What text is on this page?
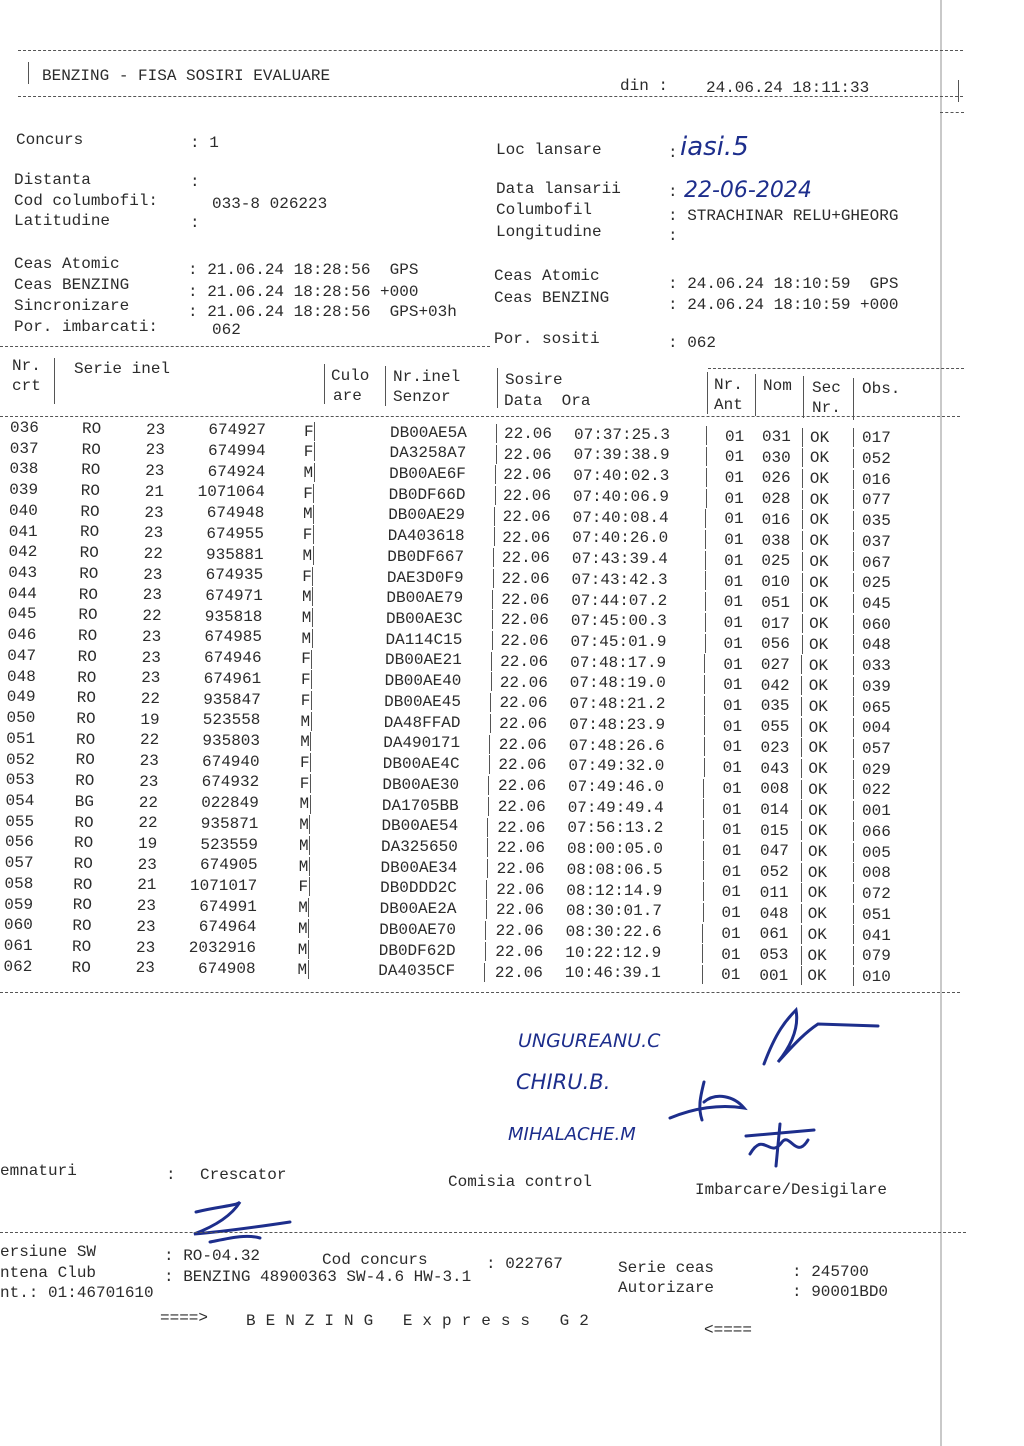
BENZING - FISA SOSIRI EVALUARE
din : 24.06.24 18:11:33
Concurs	: 1
Distanta	:
Cod columbofil:	033-8 026223
Latitudine	:
Loc lansare	: iasi.5
Data lansarii	: 22-06-2024
Columbofil	: STRACHINAR RELU+GHEORG
Longitudine	:
Ceas Atomic	: 21.06.24 18:28:56  GPS
Ceas BENZING	: 21.06.24 18:28:56 +000
Sincronizare	: 21.06.24 18:28:56  GPS+03h
Por. imbarcati:	062
Ceas Atomic	: 24.06.24 18:10:59  GPS
Ceas BENZING	: 24.06.24 18:10:59 +000
Por. sositi	: 062
Nr.
crt
Serie inel	Culo
are
Nr.inel
Senzor
Sosire
Data  Ora
Nr.
Ant
Nom Sec
Nr.
Obs.
036	RO	23	674927 F	DB00AE5A 22.06 07:37:25.3	01 031 OK 017
037	RO	23	674994 F	DA3258A7 22.06 07:39:38.9	01 030 OK 052
038	RO	23	674924 M	DB00AE6F 22.06 07:40:02.3	01 026 OK 016
039	RO	21	1071064 F	DB0DF66D 22.06 07:40:06.9	01 028 OK 077
040	RO	23	674948 M	DB00AE29 22.06 07:40:08.4	01 016 OK 035
041	RO	23	674955 F	DA403618 22.06 07:40:26.0	01 038 OK 037
042	RO	22	935881 M	DB0DF667 22.06 07:43:39.4	01 025 OK 067
043	RO	23	674935 F	DAE3D0F9 22.06 07:43:42.3	01 010 OK 025
044	RO	23	674971 M	DB00AE79 22.06 07:44:07.2	01 051 OK 045
045	RO	22	935818 M	DB00AE3C 22.06 07:45:00.3	01 017 OK 060
046	RO	23	674985 M	DA114C15 22.06 07:45:01.9	01 056 OK 048
047	RO	23	674946 F	DB00AE21 22.06 07:48:17.9	01 027 OK 033
048	RO	23	674961 F	DB00AE40 22.06 07:48:19.0	01 042 OK 039
049	RO	22	935847 F	DB00AE45 22.06 07:48:21.2	01 035 OK 065
050	RO	19	523558	M	DA48FFAD 22.06 07:48:23.9	01 055 OK 004
051	RO	22	935803	M	DA490171 22.06 07:48:26.6	01 023 OK 057
052	RO	23	674940	F	DB00AE4C 22.06 07:49:32.0	01 043 OK 029
053	RO	23	674932	F	DB00AE30 22.06 07:49:46.0	01 008 OK 022
054	BG	22	022849	M	DA1705BB 22.06 07:49:49.4	01 014 OK 001
055	RO	22	935871	M	DB00AE54 22.06 07:56:13.2	01 015 OK 066
056	RO	19	523559	M	DA325650 22.06 08:00:05.0	01 047 OK 005
057	RO	23	674905	M	DB00AE34 22.06 08:08:06.5	01 052 OK 008
058 RO	21	1071017	F	DB0DDD2C 22.06 08:12:14.9	01 011 OK 072
059 RO	23	674991	M	DB00AE2A 22.06 08:30:01.7	01 048 OK 051
060 RO	23	674964	M	DB00AE70 22.06 08:30:22.6	01 061 OK 041
061 RO	23	2032916	M	DB0DF62D 22.06 10:22:12.9	01 053 OK 079
062 RO	23	674908	M	DA4035CF 22.06 10:46:39.1	01 001 OK 010
UNGUREANU.C
CHIRU.B.
MIHALACHE.M
emnaturi	: Crescator	Comisia control	Imbarcare/Desigilare
ersiune SW	: RO-04.32	Cod concurs	: 022767	Serie ceas	: 245700
ntena Club	: BENZING 48900363 SW-4.6 HW-3.1
Autorizare	: 90001BD0
nt.: 01:46701610
====> BENZING Express G2	<====
